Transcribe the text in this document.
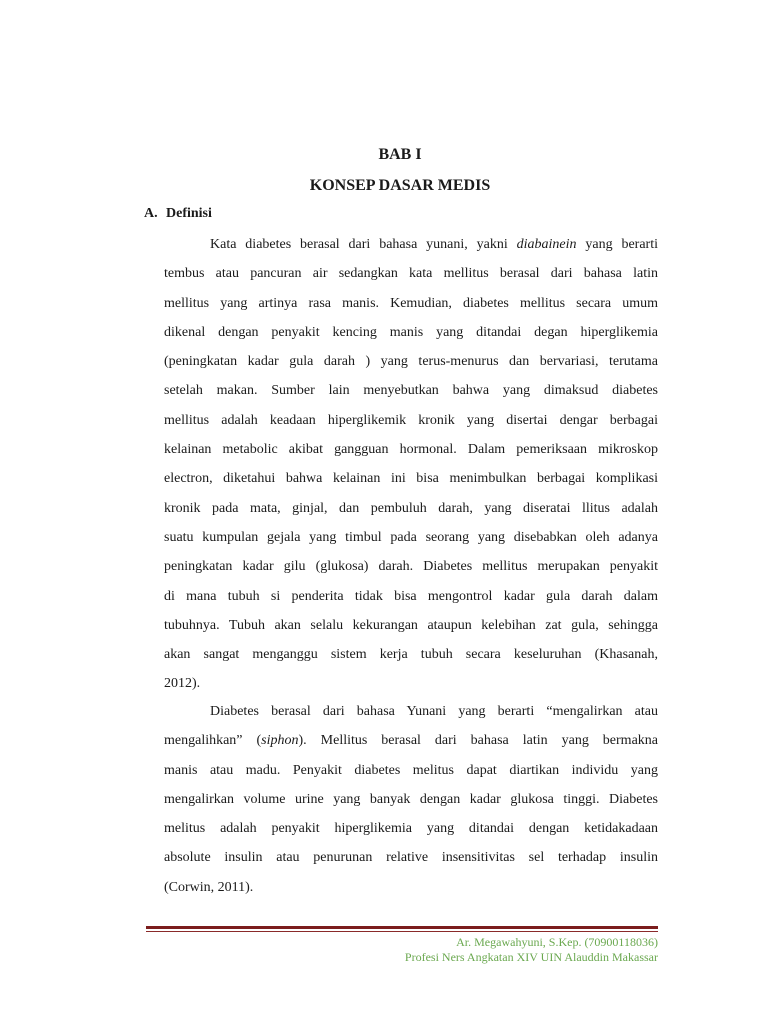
BAB I
KONSEP DASAR MEDIS
A. Definisi
Kata diabetes berasal dari bahasa yunani, yakni diabainein yang berarti
tembus atau pancuran air sedangkan kata mellitus berasal dari bahasa latin
mellitus yang artinya rasa manis. Kemudian, diabetes mellitus secara umum
dikenal dengan penyakit kencing manis yang ditandai degan hiperglikemia
(peningkatan kadar gula darah ) yang terus-menurus dan bervariasi, terutama
setelah makan. Sumber lain menyebutkan bahwa yang dimaksud diabetes
mellitus adalah keadaan hiperglikemik kronik yang disertai dengar berbagai
kelainan metabolic akibat gangguan hormonal. Dalam pemeriksaan mikroskop
electron, diketahui bahwa kelainan ini bisa menimbulkan berbagai komplikasi
kronik pada mata, ginjal, dan pembuluh darah, yang diseratai llitus adalah
suatu kumpulan gejala yang timbul pada seorang yang disebabkan oleh adanya
peningkatan kadar gilu (glukosa) darah. Diabetes mellitus merupakan penyakit
di mana tubuh si penderita tidak bisa mengontrol kadar gula darah dalam
tubuhnya. Tubuh akan selalu kekurangan ataupun kelebihan zat gula, sehingga
akan sangat menganggu sistem kerja tubuh secara keseluruhan (Khasanah,
2012).
Diabetes berasal dari bahasa Yunani yang berarti “mengalirkan atau
mengalihkan” (siphon). Mellitus berasal dari bahasa latin yang bermakna
manis atau madu. Penyakit diabetes melitus dapat diartikan individu yang
mengalirkan volume urine yang banyak dengan kadar glukosa tinggi. Diabetes
melitus adalah penyakit hiperglikemia yang ditandai dengan ketidakadaan
absolute insulin atau penurunan relative insensitivitas sel terhadap insulin
(Corwin, 2011).
Ar. Megawahyuni, S.Kep. (70900118036)
Profesi Ners Angkatan XIV UIN Alauddin Makassar
